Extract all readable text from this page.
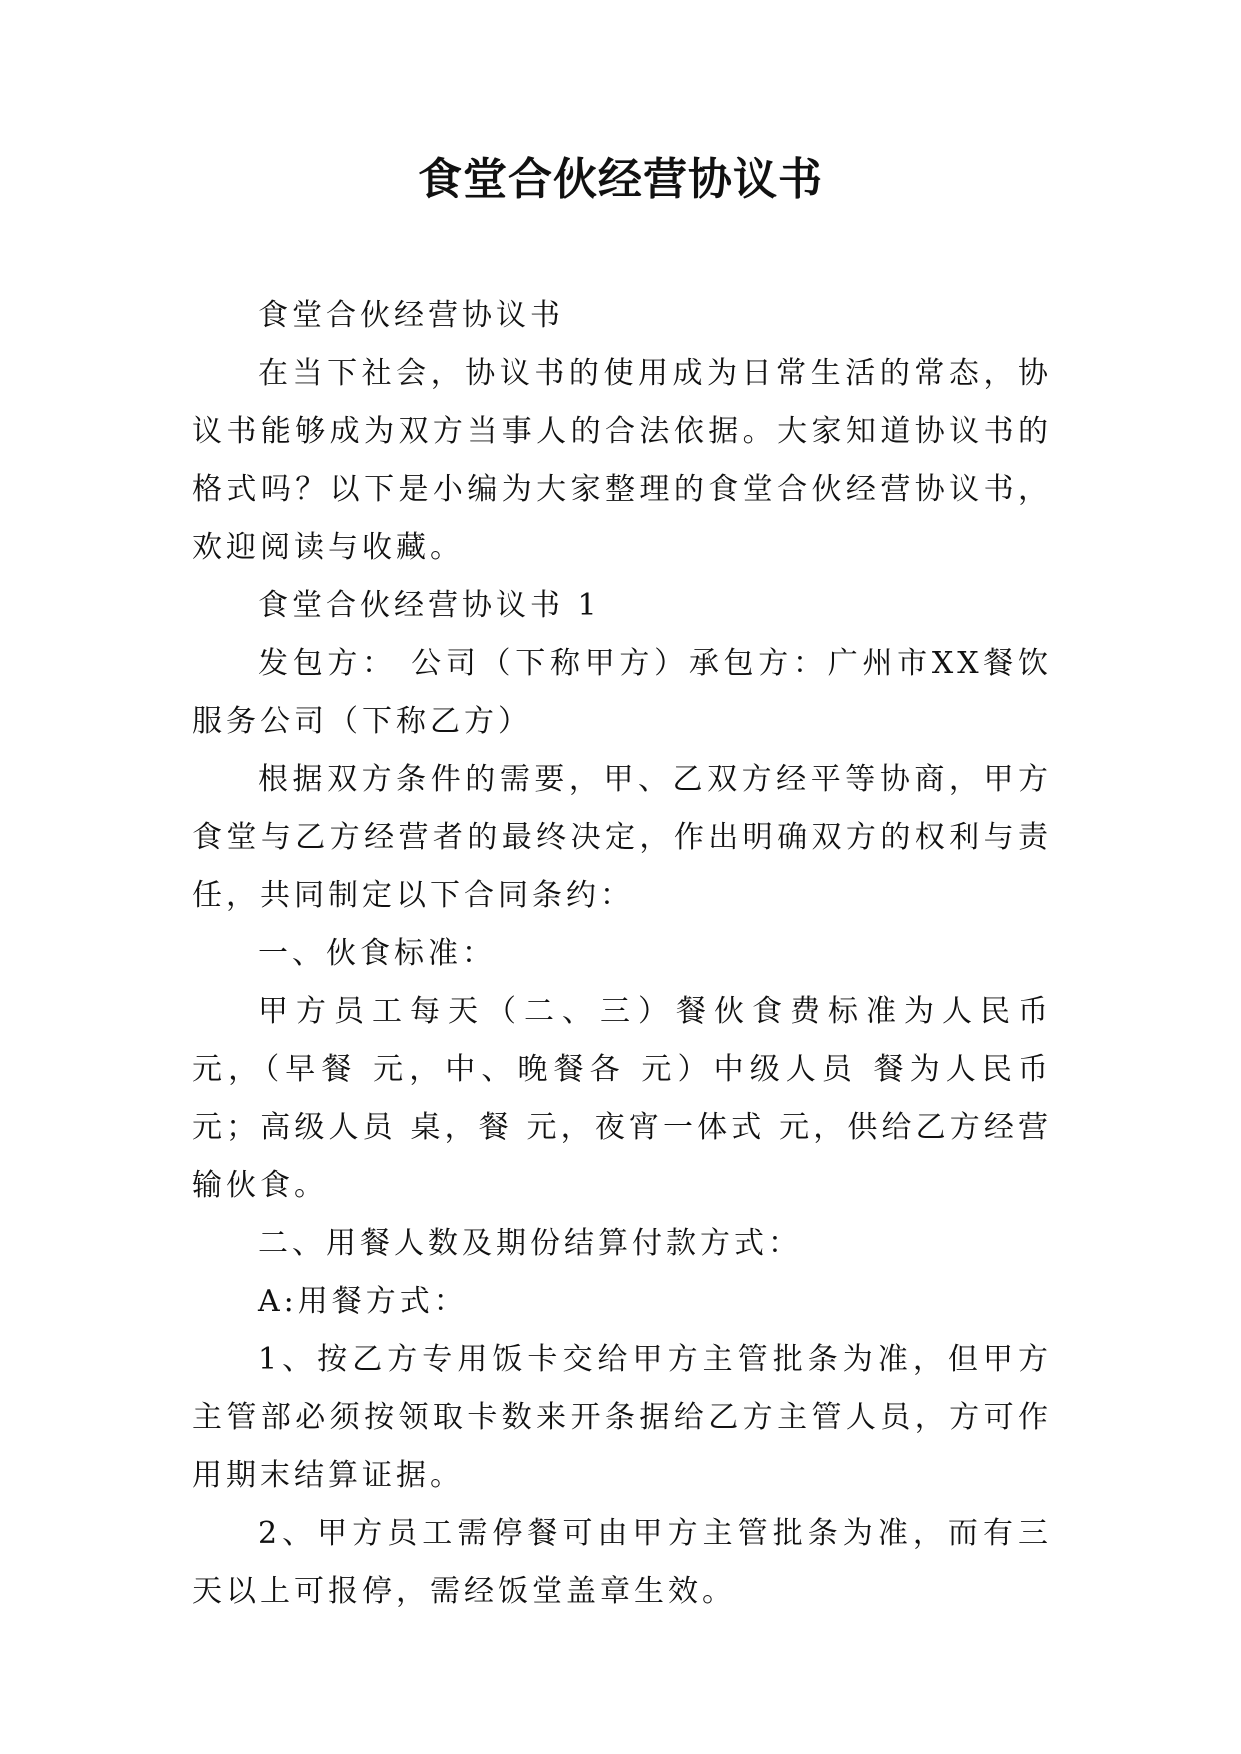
食堂合伙经营协议书

食堂合伙经营协议书

在当下社会，协议书的使用成为日常生活的常态，协议书能够成为双方当事人的合法依据。大家知道协议书的格式吗？以下是小编为大家整理的食堂合伙经营协议书，欢迎阅读与收藏。

食堂合伙经营协议书 1

发包方： 公司（下称甲方）承包方：广州市XX餐饮服务公司（下称乙方）

根据双方条件的需要，甲、乙双方经平等协商，甲方食堂与乙方经营者的最终决定，作出明确双方的权利与责任，共同制定以下合同条约：

一、伙食标准：

甲方员工每天（二、三）餐伙食费标准为人民币 元，（早餐 元，中、晚餐各 元）中级人员 餐为人民币 元；高级人员 桌，餐 元，夜宵一体式 元，供给乙方经营输伙食。

二、用餐人数及期份结算付款方式：

A:用餐方式：

1、按乙方专用饭卡交给甲方主管批条为准，但甲方主管部必须按领取卡数来开条据给乙方主管人员，方可作用期末结算证据。

2、甲方员工需停餐可由甲方主管批条为准，而有三天以上可报停，需经饭堂盖章生效。
